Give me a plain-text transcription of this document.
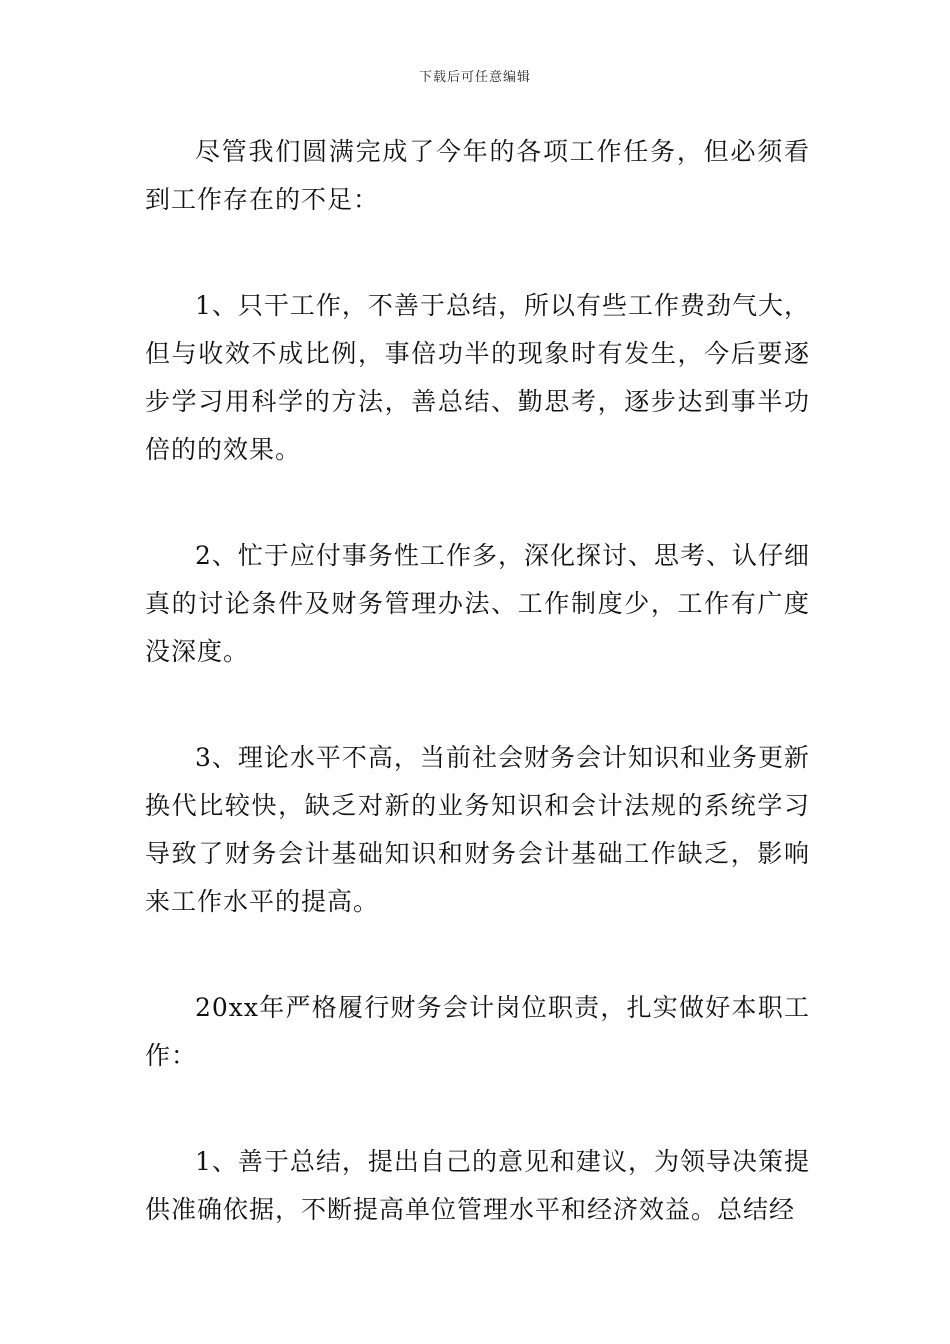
下载后可任意编辑

尽管我们圆满完成了今年的各项工作任务，但必须看到工作存在的不足：

1、只干工作，不善于总结，所以有些工作费劲气大，但与收效不成比例，事倍功半的现象时有发生，今后要逐步学习用科学的方法，善总结、勤思考，逐步达到事半功倍的的效果。

2、忙于应付事务性工作多，深化探讨、思考、认仔细真的讨论条件及财务管理办法、工作制度少，工作有广度没深度。

3、理论水平不高，当前社会财务会计知识和业务更新换代比较快，缺乏对新的业务知识和会计法规的系统学习导致了财务会计基础知识和财务会计基础工作缺乏，影响来工作水平的提高。

20xx年严格履行财务会计岗位职责，扎实做好本职工作：

1、善于总结，提出自己的意见和建议，为领导决策提供准确依据，不断提高单位管理水平和经济效益。总结经
